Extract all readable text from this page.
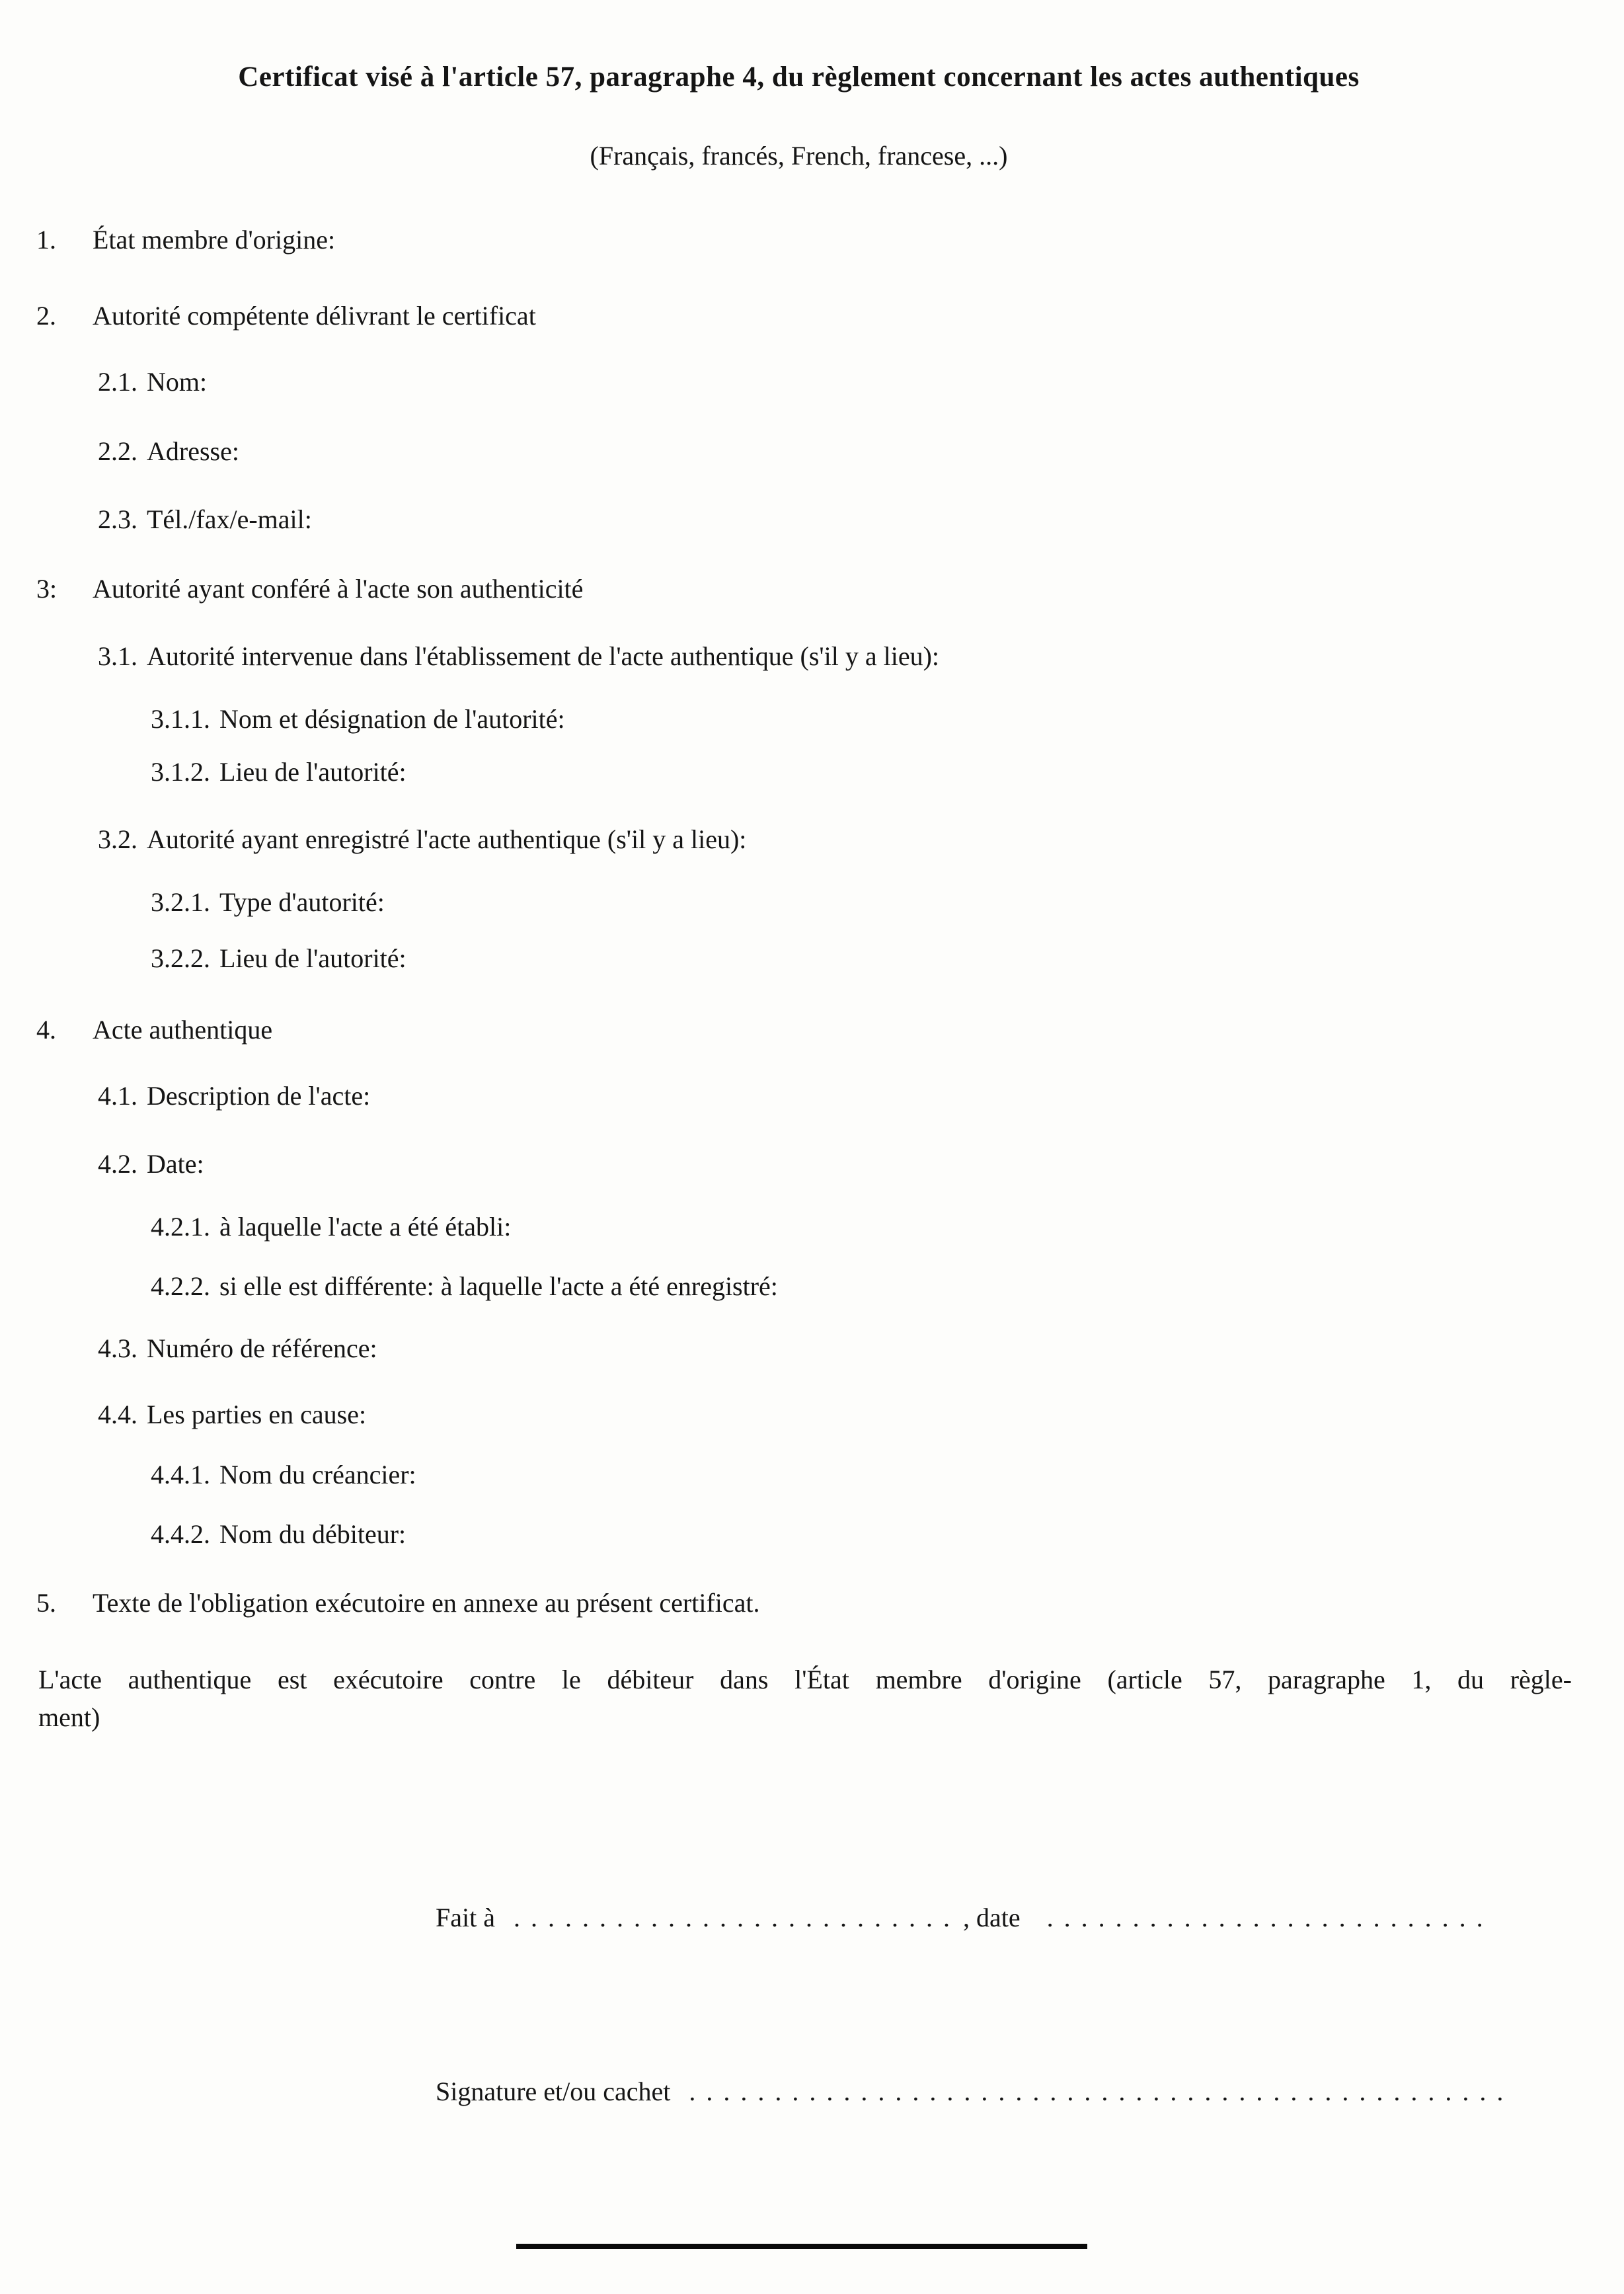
Certificat visé à l'article 57, paragraphe 4, du règlement concernant les actes authentiques
(Français, francés, French, francese, ...)
1. État membre d'origine:
2. Autorité compétente délivrant le certificat
2.1. Nom:
2.2. Adresse:
2.3. Tél./fax/e-mail:
3: Autorité ayant conféré à l'acte son authenticité
3.1. Autorité intervenue dans l'établissement de l'acte authentique (s'il y a lieu):
3.1.1. Nom et désignation de l'autorité:
3.1.2. Lieu de l'autorité:
3.2. Autorité ayant enregistré l'acte authentique (s'il y a lieu):
3.2.1. Type d'autorité:
3.2.2. Lieu de l'autorité:
4. Acte authentique
4.1. Description de l'acte:
4.2. Date:
4.2.1. à laquelle l'acte a été établi:
4.2.2. si elle est différente: à laquelle l'acte a été enregistré:
4.3. Numéro de référence:
4.4. Les parties en cause:
4.4.1. Nom du créancier:
4.4.2. Nom du débiteur:
5. Texte de l'obligation exécutoire en annexe au présent certificat.
L'acte authentique est exécutoire contre le débiteur dans l'État membre d'origine (article 57, paragraphe 1, du règle-
ment)
Fait à .......................... , date ..........................
Signature et/ou cachet ................................................
